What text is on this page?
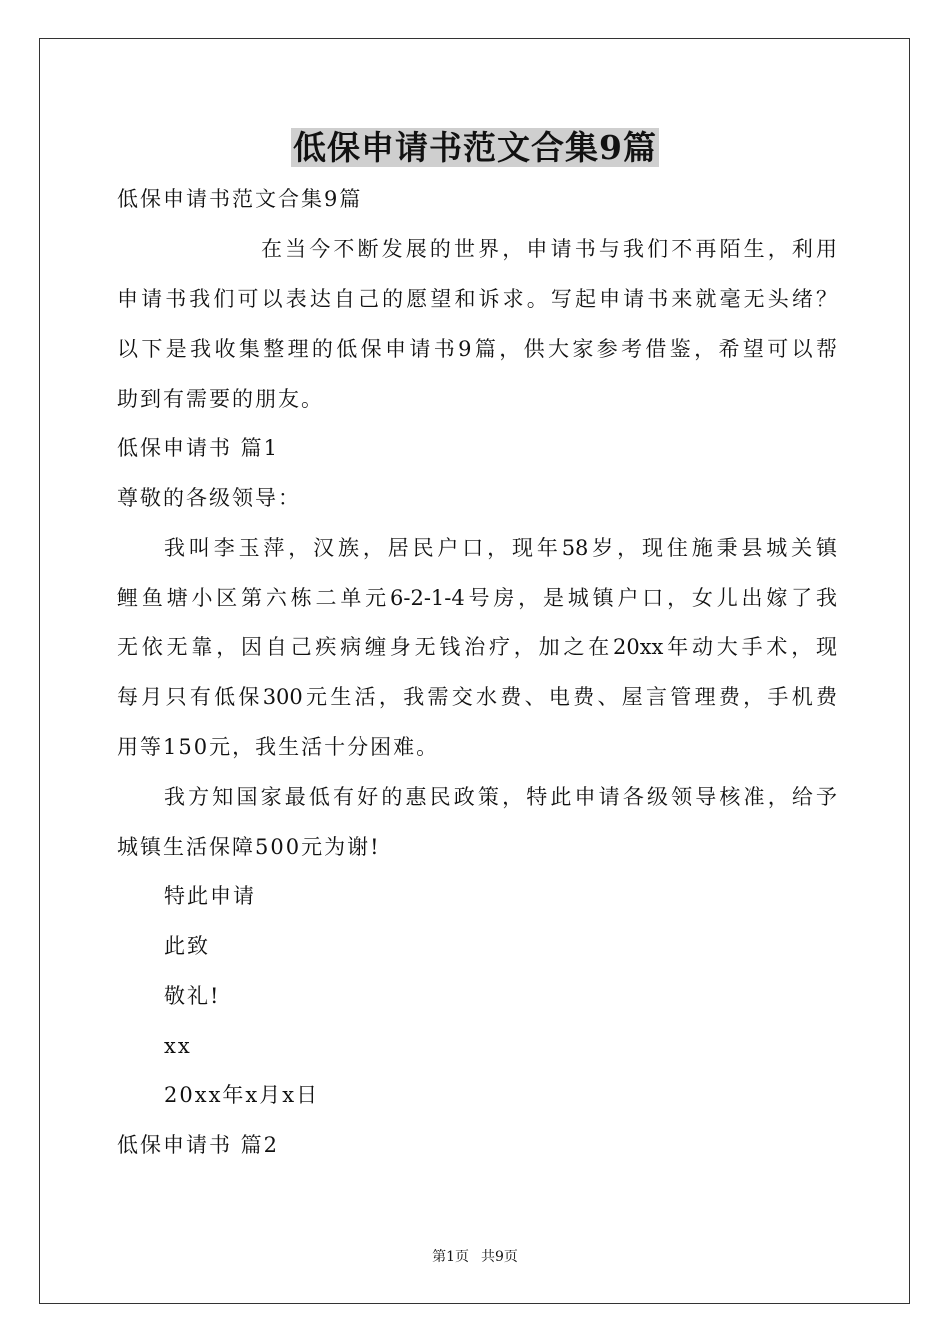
低保申请书范文合集9篇
低保申请书范文合集9篇
在当今不断发展的世界，申请书与我们不再陌生，利用
申请书我们可以表达自己的愿望和诉求。写起申请书来就毫无头绪？
以下是我收集整理的低保申请书9篇，供大家参考借鉴，希望可以帮
助到有需要的朋友。
低保申请书 篇1
尊敬的各级领导：
我叫李玉萍，汉族，居民户口，现年58岁，现住施秉县城关镇
鲤鱼塘小区第六栋二单元6-2-1-4号房，是城镇户口，女儿出嫁了我
无依无靠，因自己疾病缠身无钱治疗，加之在20xx年动大手术，现
每月只有低保300元生活，我需交水费、电费、屋言管理费，手机费
用等150元，我生活十分困难。
我方知国家最低有好的惠民政策，特此申请各级领导核准，给予
城镇生活保障500元为谢!
特此申请
此致
敬礼!
xx
20xx年x月x日
低保申请书 篇2
第1页 共9页
